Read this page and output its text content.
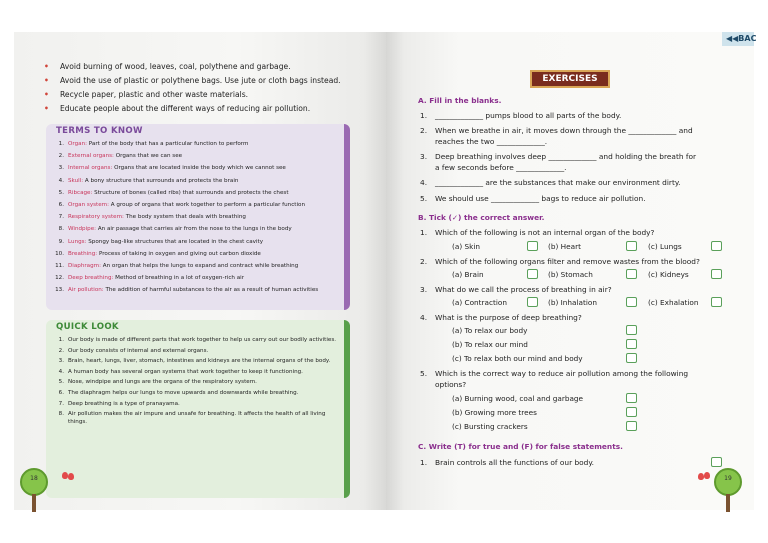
• Avoid burning of wood, leaves, coal, polythene and garbage.
• Avoid the use of plastic or polythene bags. Use jute or cloth bags instead.
• Recycle paper, plastic and other waste materials.
• Educate people about the different ways of reducing air pollution.
TERMS TO KNOW
1. Organ: Part of the body that has a particular function to perform
2. External organs: Organs that we can see
3. Internal organs: Organs that are located inside the body which we cannot see
4. Skull: A bony structure that surrounds and protects the brain
5. Ribcage: Structure of bones (called ribs) that surrounds and protects the chest
6. Organ system: A group of organs that work together to perform a particular function
7. Respiratory system: The body system that deals with breathing
8. Windpipe: An air passage that carries air from the nose to the lungs in the body
9. Lungs: Spongy bag-like structures that are located in the chest cavity
10. Breathing: Process of taking in oxygen and giving out carbon dioxide
11. Diaphragm: An organ that helps the lungs to expand and contract while breathing
12. Deep breathing: Method of breathing in a lot of oxygen-rich air
13. Air pollution: The addition of harmful substances to the air as a result of human activities
QUICK LOOK
1. Our body is made of different parts that work together to help us carry out our bodily activities.
2. Our body consists of internal and external organs.
3. Brain, heart, lungs, liver, stomach, intestines and kidneys are the internal organs of the body.
4. A human body has several organ systems that work together to keep it functioning.
5. Nose, windpipe and lungs are the organs of the respiratory system.
6. The diaphragm helps our lungs to move upwards and downwards while breathing.
7. Deep breathing is a type of pranayama.
8. Air pollution makes the air impure and unsafe for breathing. It affects the health of all living things.
18
◀◀BAC
EXERCISES
A. Fill in the blanks.
1. _____________ pumps blood to all parts of the body.
2. When we breathe in air, it moves down through the _____________ and
reaches the two _____________.
3. Deep breathing involves deep _____________ and holding the breath for
a few seconds before _____________.
4. _____________ are the substances that make our environment dirty.
5. We should use _____________ bags to reduce air pollution.
B. Tick (✓) the correct answer.
1. Which of the following is not an internal organ of the body?
(a) Skin	(b) Heart	(c) Lungs
2. Which of the following organs filter and remove wastes from the blood?
(a) Brain	(b) Stomach	(c) Kidneys
3. What do we call the process of breathing in air?
(a) Contraction	(b) Inhalation	(c) Exhalation
4. What is the purpose of deep breathing?
(a) To relax our body
(b) To relax our mind
(c) To relax both our mind and body
5. Which is the correct way to reduce air pollution among the following
options?
(a) Burning wood, coal and garbage
(b) Growing more trees
(c) Bursting crackers
C. Write (T) for true and (F) for false statements.
1. Brain controls all the functions of our body.
19
